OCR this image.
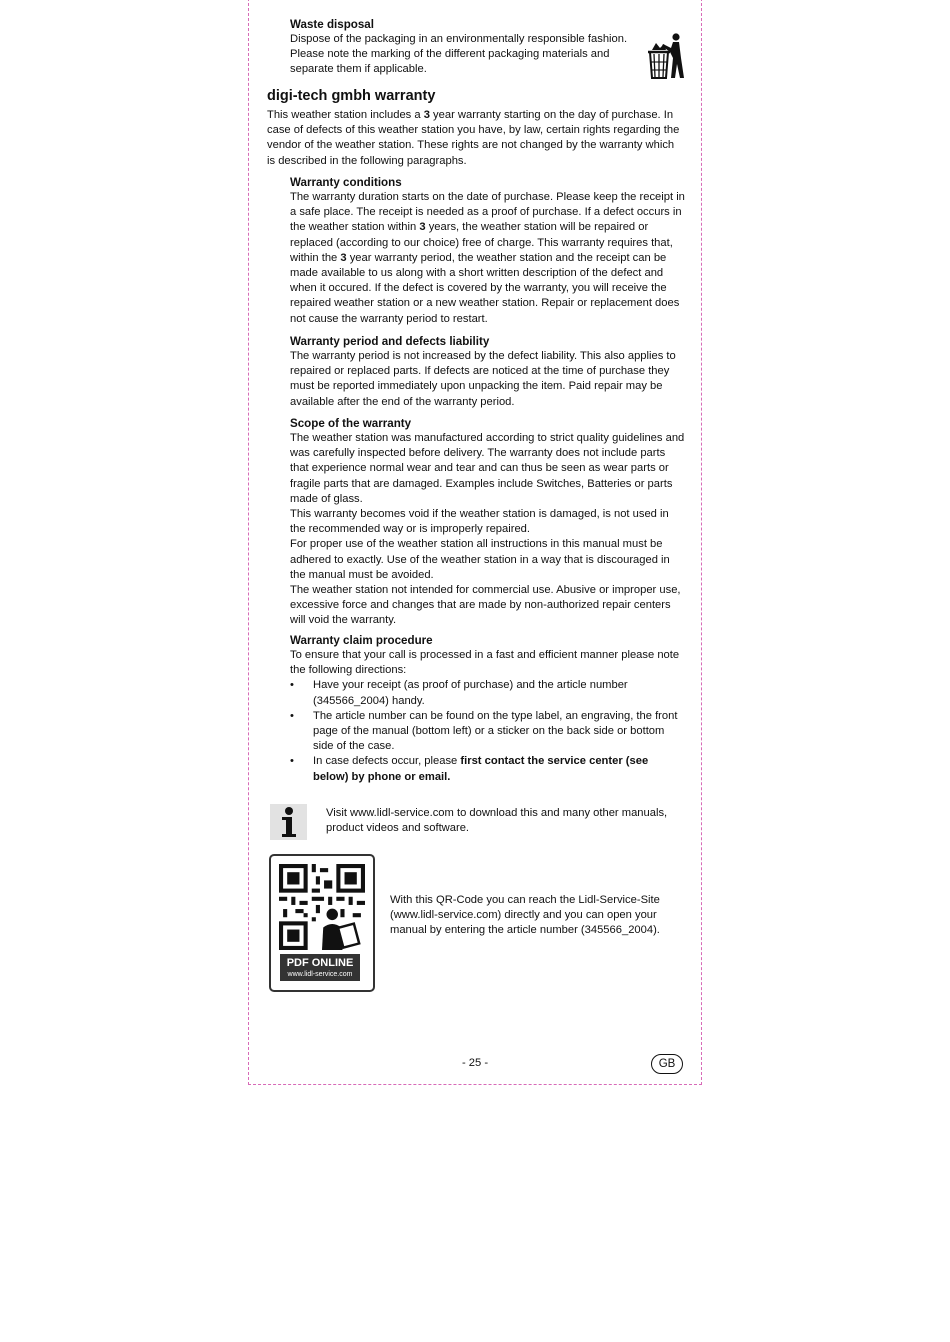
Waste disposal

Dispose of the packaging in an environmentally responsible fashion. Please note the marking of the different packaging materials and separate them if applicable.

digi-tech gmbh warranty

This weather station includes a 3 year warranty starting on the day of purchase. In case of defects of this weather station you have, by law, certain rights regarding the vendor of the weather station. These rights are not changed by the warranty which is described in the following paragraphs.

Warranty conditions

The warranty duration starts on the date of purchase. Please keep the receipt in a safe place. The receipt is needed as a proof of purchase. If a defect occurs in the weather station within 3 years, the weather station will be repaired or replaced (according to our choice) free of charge. This warranty requires that, within the 3 year warranty period, the weather station and the receipt can be made available to us along with a short written description of the defect and when it occured. If the defect is covered by the warranty, you will receive the repaired weather station or a new weather station. Repair or replacement does not cause the warranty period to restart.

Warranty period and defects liability

The warranty period is not increased by the defect liability. This also applies to repaired or replaced parts. If defects are noticed at the time of purchase they must be reported immediately upon unpacking the item. Paid repair may be available after the end of the warranty period.

Scope of the warranty

The weather station was manufactured according to strict quality guidelines and was carefully inspected before delivery. The warranty does not include parts that experience normal wear and tear and can thus be seen as wear parts or fragile parts that are damaged. Examples include Switches, Batteries or parts made of glass.

This warranty becomes void if the weather station is damaged, is not used in the recommended way or is improperly repaired.

For proper use of the weather station all instructions in this manual must be adhered to exactly. Use of the weather station in a way that is discouraged in the manual must be avoided.

The weather station not intended for commercial use. Abusive or improper use, excessive force and changes that are made by non-authorized repair centers will void the warranty.

Warranty claim procedure

To ensure that your call is processed in a fast and efficient manner please note the following directions:

• Have your receipt (as proof of purchase) and the article number (345566_2004) handy.
• The article number can be found on the type label, an engraving, the front page of the manual (bottom left) or a sticker on the back side or bottom side of the case.
• In case defects occur, please first contact the service center (see below) by phone or email.

Visit www.lidl-service.com to download this and many other manuals, product videos and software.

PDF ONLINE
www.lidl-service.com

With this QR-Code you can reach the Lidl-Service-Site (www.lidl-service.com) directly and you can open your manual by entering the article number (345566_2004).

- 25 -	GB
